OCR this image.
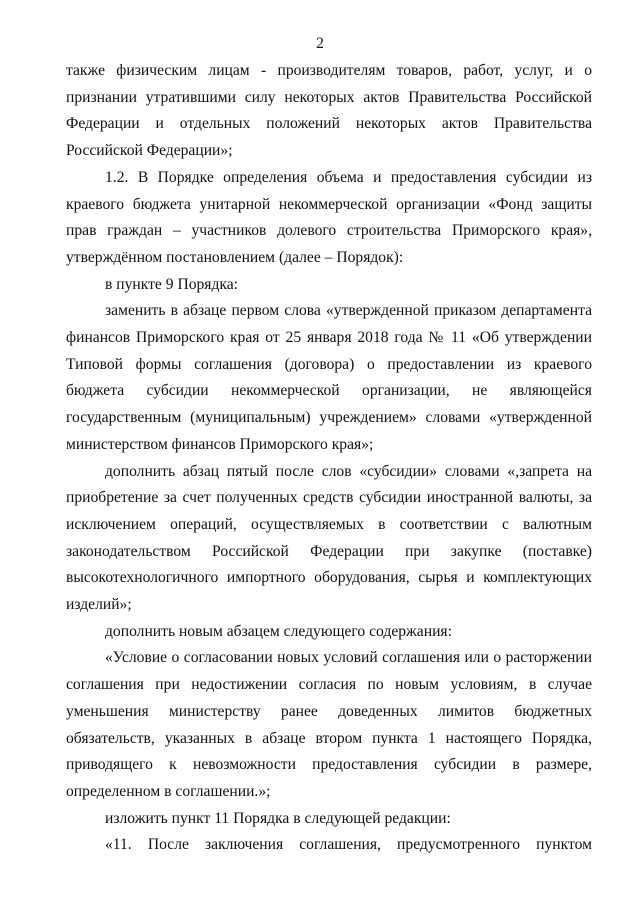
2

также физическим лицам - производителям товаров, работ, услуг, и о признании утратившими силу некоторых актов Правительства Российской Федерации и отдельных положений некоторых актов Правительства Российской Федерации»;

1.2. В Порядке определения объема и предоставления субсидии из краевого бюджета унитарной некоммерческой организации «Фонд защиты прав граждан – участников долевого строительства Приморского края», утверждённом постановлением (далее – Порядок):

в пункте 9 Порядка:

заменить в абзаце первом слова «утвержденной приказом департамента финансов Приморского края от 25 января 2018 года № 11 «Об утверждении Типовой формы соглашения (договора) о предоставлении из краевого бюджета субсидии некоммерческой организации, не являющейся государственным (муниципальным) учреждением» словами «утвержденной министерством финансов Приморского края»;

дополнить абзац пятый после слов «субсидии» словами «,запрета на приобретение за счет полученных средств субсидии иностранной валюты, за исключением операций, осуществляемых в соответствии с валютным законодательством Российской Федерации при закупке (поставке) высокотехнологичного импортного оборудования, сырья и комплектующих изделий»;

дополнить новым абзацем следующего содержания:

«Условие о согласовании новых условий соглашения или о расторжении соглашения при недостижении согласия по новым условиям, в случае уменьшения министерству ранее доведенных лимитов бюджетных обязательств, указанных в абзаце втором пункта 1 настоящего Порядка, приводящего к невозможности предоставления субсидии в размере, определенном в соглашении.»;

изложить пункт 11 Порядка в следующей редакции:

«11. После заключения соглашения, предусмотренного пунктом
